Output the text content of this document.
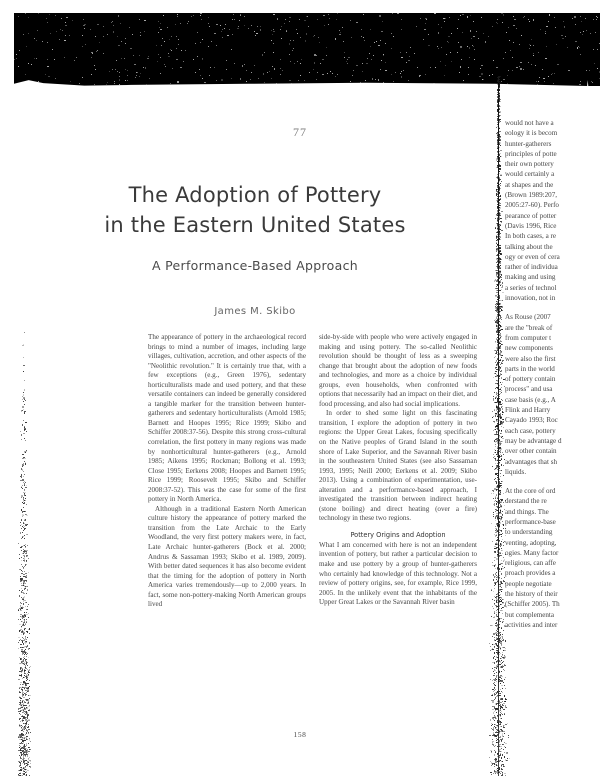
77
The Adoption of Pottery
in the Eastern United States
A Performance-Based Approach
James M. Skibo

The appearance of pottery in the archaeological record brings to mind a number of images, including large villages, cultivation, accretion, and other aspects of the "Neolithic revolution." It is certainly true that, with a few exceptions (e.g., Green 1976), sedentary horticulturalists made and used pottery, and that these versatile containers can indeed be generally considered a tangible marker for the transition between hunter-gatherers and sedentary horticulturalists (Arnold 1985; Barnett and Hoopes 1995; Rice 1999; Skibo and Schiffer 2008:37-56). Despite this strong cross-cultural correlation, the first pottery in many regions was made by nonhorticultural hunter-gatherers (e.g., Arnold 1985; Aikens 1995; Rockman; Bollong et al. 1993; Close 1995; Eerkens 2008; Hoopes and Barnett 1995; Rice 1999; Roosevelt 1995; Skibo and Schiffer 2008:37-52). This was the case for some of the first pottery in North America.

Although in a traditional Eastern North American culture history the appearance of pottery marked the transition from the Late Archaic to the Early Woodland, the very first pottery makers were, in fact, Late Archaic hunter-gatherers (Bock et al. 2000; Andrus & Sassaman 1993; Skibo et al. 1989, 2009). With better dated sequences it has also become evident that the timing for the adoption of pottery in North America varies tremendously—up to 2,000 years. In fact, some non-pottery-making North American groups lived

side-by-side with people who were actively engaged in making and using pottery. The so-called Neolithic revolution should be thought of less as a sweeping change that brought about the adoption of new foods and technologies, and more as a choice by individual groups, even households, when confronted with options that necessarily had an impact on their diet, and food processing, and also had social implications.

In order to shed some light on this fascinating transition, I explore the adoption of pottery in two regions: the Upper Great Lakes, focusing specifically on the Native peoples of Grand Island in the south shore of Lake Superior, and the Savannah River basin in the southeastern United States (see also Sassaman 1993, 1995; Neill 2000; Eerkens et al. 2009; Skibo 2013). Using a combination of experimentation, use-alteration and a performance-based approach, I investigated the transition between indirect heating (stone boiling) and direct heating (over a fire) technology in these two regions.

Pottery Origins and Adoption

What I am concerned with here is not an independent invention of pottery, but rather a particular decision to make and use pottery by a group of hunter-gatherers who certainly had knowledge of this technology. Not a review of pottery origins, see, for example, Rice 1999, 2005. In the unlikely event that the inhabitants of the Upper Great Lakes or the Savannah River basin

would not have a
eology it is becom
hunter-gatherers
principles of potte
their own pottery
would certainly a
at shapes and the
(Brown 1989:207,
2005:27-60). Perfo
pearance of potter
(Davis 1996, Rice
In both cases, a re
talking about the
ogy or even of cera
rather of individua
making and using
a series of technol
innovation, not in
As Rouse (2007
are the "break of
from computer t
new components
were also the first
parts in the world
of pottery contain
process" and usa
case basis (e.g., A
Flink and Harry
Cayado 1993; Roc
each case, pottery
may be advantage d
over other contain
advantages that sh
liquids.
At the core of ord
derstand the re
and things. The
performance-base
to understanding
venting, adopting,
ogies. Many factor
religious, can affe
proach provides a
people negotiate
the history of their
(Schiffer 2005). Th
but complementa
activities and inter
158
